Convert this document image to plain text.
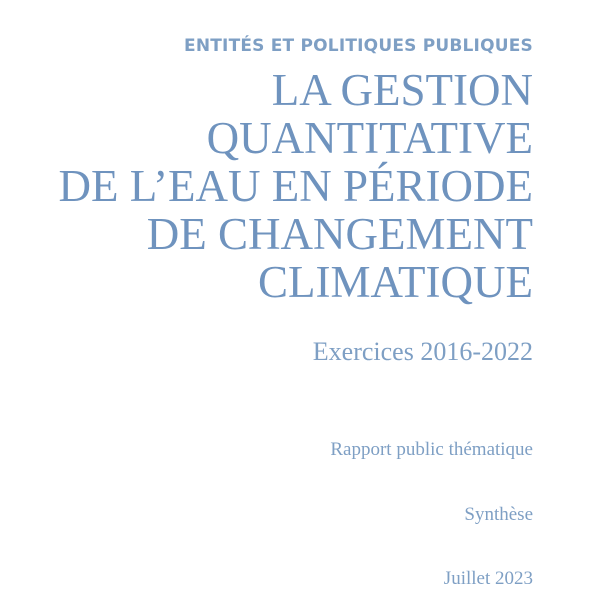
ENTITÉS ET POLITIQUES PUBLIQUES
LA GESTION
QUANTITATIVE
DE L’EAU EN PÉRIODE
DE CHANGEMENT
CLIMATIQUE
Exercices 2016-2022
Rapport public thématique
Synthèse
Juillet 2023
